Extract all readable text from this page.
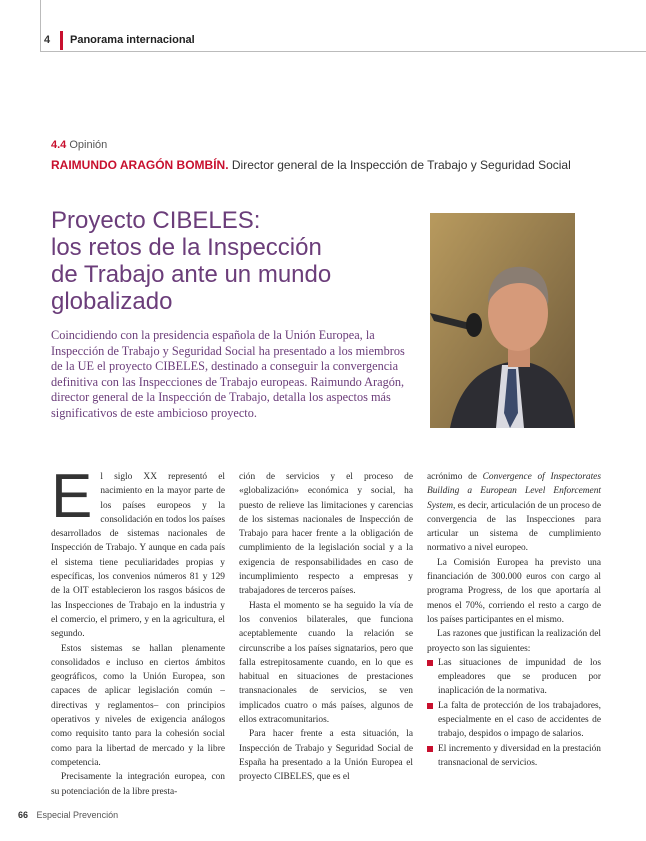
4 Panorama internacional
4.4 Opinión
RAIMUNDO ARAGÓN BOMBÍN. Director general de la Inspección de Trabajo y Seguridad Social
Proyecto CIBELES:
los retos de la Inspección
de Trabajo ante un mundo
globalizado

Coincidiendo con la presidencia española de la Unión Europea, la Inspección de Trabajo y Seguridad Social ha presentado a los miembros de la UE el proyecto CIBELES, destinado a conseguir la convergencia definitiva con las Inspecciones de Trabajo europeas. Raimundo Aragón, director general de la Inspección de Trabajo, detalla los aspectos más significativos de este ambicioso proyecto.

E l siglo XX representó el nacimiento en la mayor parte de los países europeos y la consolidación en todos los países desarrollados de sistemas nacionales de Inspección de Trabajo. Y aunque en cada país el sistema tiene peculiaridades propias y específicas, los convenios números 81 y 129 de la OIT establecieron los rasgos básicos de las Inspecciones de Trabajo en la industria y el comercio, el primero, y en la agricultura, el segundo.

Estos sistemas se hallan plenamente consolidados e incluso en ciertos ámbitos geográficos, como la Unión Europea, son capaces de aplicar legislación común –directivas y reglamentos– con principios operativos y niveles de exigencia análogos como requisito tanto para la cohesión social como para la libertad de mercado y la libre competencia.

Precisamente la integración europea, con su potenciación de la libre presta-

ción de servicios y el proceso de «globalización» económica y social, ha puesto de relieve las limitaciones y carencias de los sistemas nacionales de Inspección de Trabajo para hacer frente a la obligación de cumplimiento de la legislación social y a la exigencia de responsabilidades en caso de incumplimiento respecto a empresas y trabajadores de terceros países.

Hasta el momento se ha seguido la vía de los convenios bilaterales, que funciona aceptablemente cuando la relación se circunscribe a los países signatarios, pero que falla estrepitosamente cuando, en lo que es habitual en situaciones de prestaciones transnacionales de servicios, se ven implicados cuatro o más países, algunos de ellos extracomunitarios.

Para hacer frente a esta situación, la Inspección de Trabajo y Seguridad Social de España ha presentado a la Unión Europea el proyecto CIBELES, que es el

acrónimo de Convergence of Inspectorates Building a European Level Enforcement System, es decir, articulación de un proceso de convergencia de las Inspecciones para articular un sistema de cumplimiento normativo a nivel europeo.

La Comisión Europea ha previsto una financiación de 300.000 euros con cargo al programa Progress, de los que aportaría al menos el 70%, corriendo el resto a cargo de los países participantes en el mismo.

Las razones que justifican la realización del proyecto son las siguientes:

Las situaciones de impunidad de los empleadores que se producen por inaplicación de la normativa.
La falta de protección de los trabajadores, especialmente en el caso de accidentes de trabajo, despidos o impago de salarios.
El incremento y diversidad en la prestación transnacional de servicios.
66 Especial Prevención
